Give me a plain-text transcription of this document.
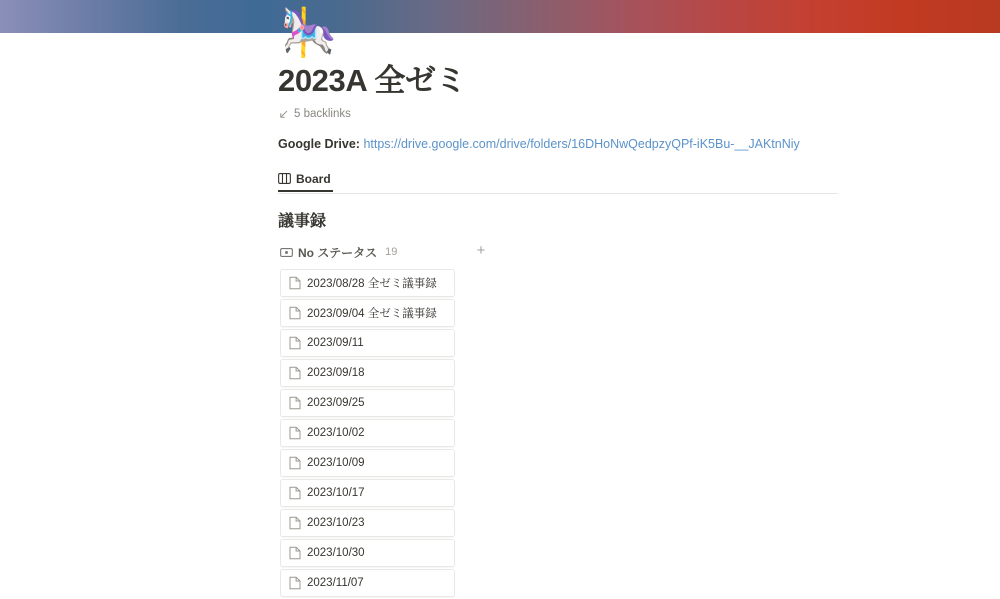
🎠
2023A 全ゼミ
5 backlinks
Google Drive: https://drive.google.com/drive/folders/16DHoNwQedpzyQPf-iK5Bu-__JAKtnNiy
Board
議事録
No ステータス 19	+
2023/08/28 全ゼミ議事録
2023/09/04 全ゼミ議事録
2023/09/11
2023/09/18
2023/09/25
2023/10/02
2023/10/09
2023/10/17
2023/10/23
2023/10/30
2023/11/07
